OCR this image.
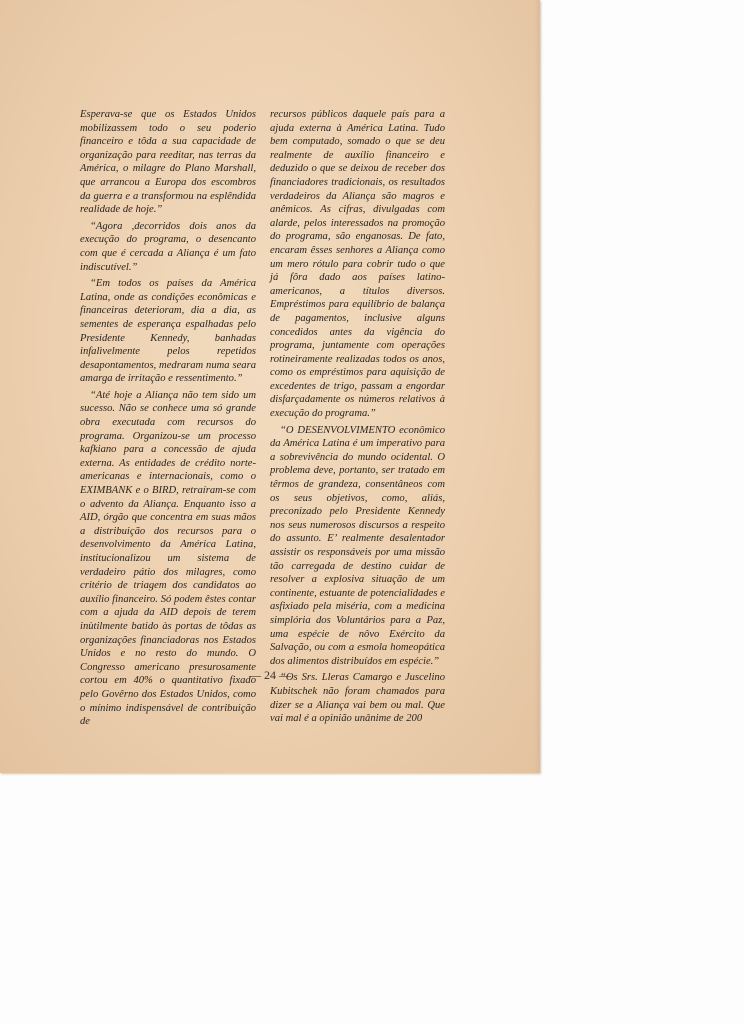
Esperava-se que os Estados Unidos mobilizassem todo o seu poderio financeiro e tôda a sua capacidade de organização para reeditar, nas terras da América, o milagre do Plano Marshall, que arrancou a Europa dos escombros da guerra e a transformou na esplêndida realidade de hoje.”

“Agora ,decorridos dois anos da execução do programa, o desencanto com que é cercada a Aliança é um fato indiscutível.”

“Em todos os países da América Latina, onde as condições econômicas e financeiras deterioram, dia a dia, as sementes de esperança espalhadas pelo Presidente Kennedy, banhadas infalìvelmente pelos repetidos desapontamentos, medraram numa seara amarga de irritação e ressentimento.”

“Até hoje a Aliança não tem sido um sucesso. Não se conhece uma só grande obra executada com recursos do programa. Organizou-se um processo kafkiano para a concessão de ajuda externa. As entidades de crédito norte-americanas e internacionais, como o EXIMBANK e o BIRD, retraíram-se com o advento da Aliança. Enquanto isso a AID, órgão que concentra em suas mãos a distribuição dos recursos para o desenvolvimento da América Latina, institucionalizou um sistema de verdadeiro pátio dos milagres, como critério de triagem dos candidatos ao auxílio financeiro. Só podem êstes contar com a ajuda da AID depois de terem inùtilmente batido às portas de tôdas as organizações financiadoras nos Estados Unidos e no resto do mundo. O Congresso americano presurosamente cortou em 40% o quantitativo fixado pelo Govêrno dos Estados Unidos, como o mínimo indispensável de contribuição de

recursos públicos daquele país para a ajuda externa à América Latina. Tudo bem computado, somado o que se deu realmente de auxílio financeiro e deduzido o que se deixou de receber dos financiadores tradicionais, os resultados verdadeiros da Aliança são magros e anêmicos. As cifras, divulgadas com alarde, pelos interessados na promoção do programa, são enganosas. De fato, encaram êsses senhores a Aliança como um mero rótulo para cobrir tudo o que já fôra dado aos países latino-americanos, a títulos diversos. Empréstimos para equilíbrio de balança de pagamentos, inclusive alguns concedidos antes da vigência do programa, juntamente com operações rotineiramente realizadas todos os anos, como os empréstimos para aquisição de excedentes de trigo, passam a engordar disfarçadamente os números relativos à execução do programa.”

“O DESENVOLVIMENTO econômico da América Latina é um imperativo para a sobrevivência do mundo ocidental. O problema deve, portanto, ser tratado em têrmos de grandeza, consentâneos com os seus objetivos, como, aliás, preconizado pelo Presidente Kennedy nos seus numerosos discursos a respeito do assunto. E’ realmente desalentador assistir os responsáveis por uma missão tão carregada de destino cuidar de resolver a explosiva situação de um continente, estuante de potencialidades e asfixiado pela miséria, com a medicina simplória dos Voluntários para a Paz, uma espécie de nôvo Exército da Salvação, ou com a esmola homeopática dos alimentos distribuídos em espécie.”

“Os Srs. Lleras Camargo e Juscelino Kubitschek não foram chamados para dizer se a Aliança vai bem ou mal. Que vai mal é a opinião unânime de 200

— 24 —
